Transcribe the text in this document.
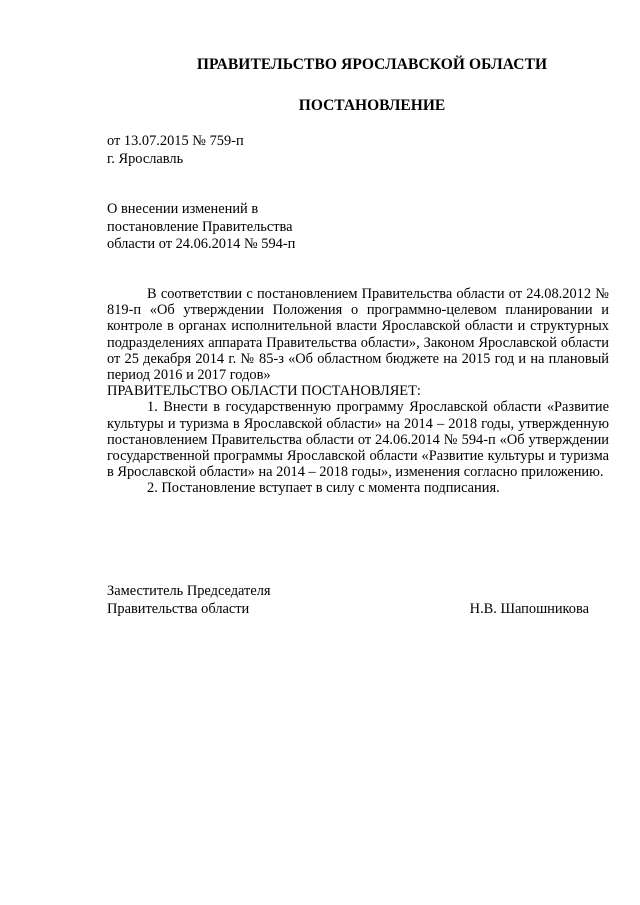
ПРАВИТЕЛЬСТВО ЯРОСЛАВСКОЙ ОБЛАСТИ
ПОСТАНОВЛЕНИЕ
от 13.07.2015 № 759-п
г. Ярославль
О внесении изменений в
постановление Правительства
области от 24.06.2014 № 594-п

В соответствии с постановлением Правительства области от 24.08.2012 № 819-п «Об утверждении Положения о программно-целевом планировании и контроле в органах исполнительной власти Ярославской области и структурных подразделениях аппарата Правительства области», Законом Ярославской области от 25 декабря 2014 г. № 85-з «Об областном бюджете на 2015 год и на плановый период 2016 и 2017 годов»

ПРАВИТЕЛЬСТВО ОБЛАСТИ ПОСТАНОВЛЯЕТ:

1. Внести в государственную программу Ярославской области «Развитие культуры и туризма в Ярославской области» на 2014 – 2018 годы, утвержденную постановлением Правительства области от 24.06.2014 № 594-п «Об утверждении государственной программы Ярославской области «Развитие культуры и туризма в Ярославской области» на 2014 – 2018 годы», изменения согласно приложению.

2. Постановление вступает в силу с момента подписания.

Заместитель Председателя
Правительства области	Н.В. Шапошникова
